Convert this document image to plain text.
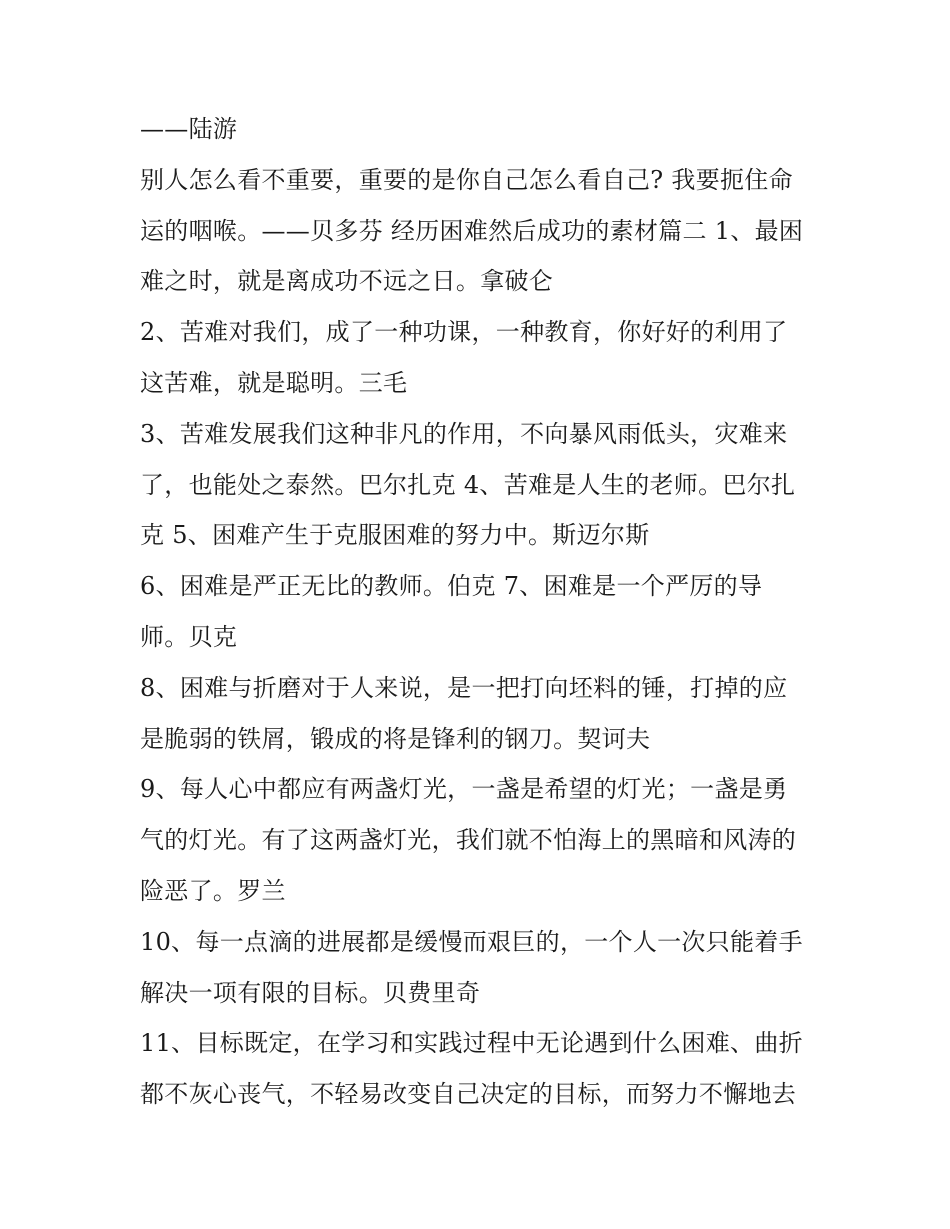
——陆游
别人怎么看不重要，重要的是你自己怎么看自己? 我要扼住命
运的咽喉。——贝多芬 经历困难然后成功的素材篇二 1、最困
难之时，就是离成功不远之日。拿破仑
2、苦难对我们，成了一种功课，一种教育，你好好的利用了
这苦难，就是聪明。三毛
3、苦难发展我们这种非凡的作用，不向暴风雨低头，灾难来
了，也能处之泰然。巴尔扎克 4、苦难是人生的老师。巴尔扎
克 5、困难产生于克服困难的努力中。斯迈尔斯
6、困难是严正无比的教师。伯克 7、困难是一个严厉的导
师。贝克
8、困难与折磨对于人来说，是一把打向坯料的锤，打掉的应
是脆弱的铁屑，锻成的将是锋利的钢刀。契诃夫
9、每人心中都应有两盏灯光，一盏是希望的灯光；一盏是勇
气的灯光。有了这两盏灯光，我们就不怕海上的黑暗和风涛的
险恶了。罗兰
10、每一点滴的进展都是缓慢而艰巨的，一个人一次只能着手
解决一项有限的目标。贝费里奇
11、目标既定，在学习和实践过程中无论遇到什么困难、曲折
都不灰心丧气，不轻易改变自己决定的目标，而努力不懈地去
